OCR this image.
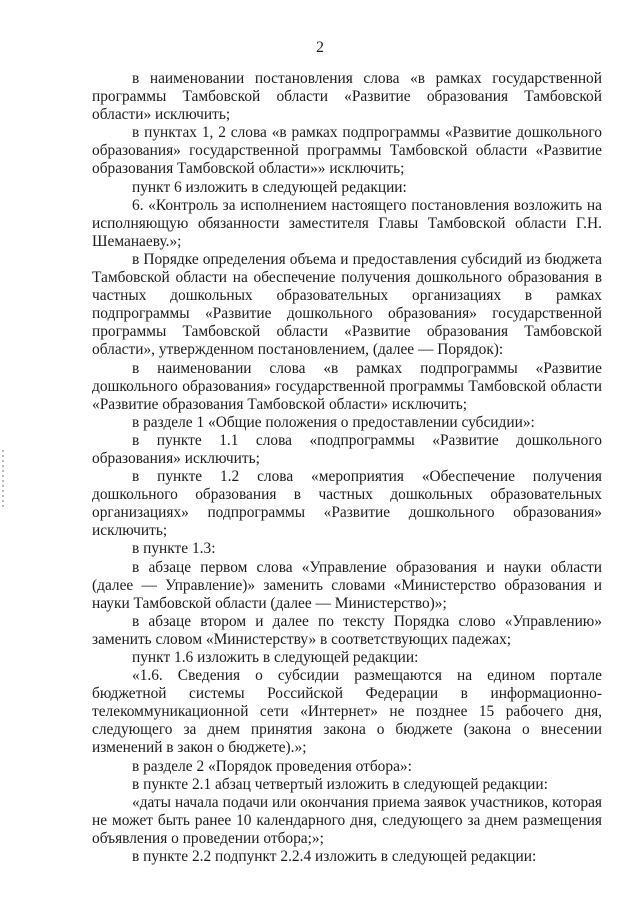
2

в наименовании постановления слова «в рамках государственной программы Тамбовской области «Развитие образования Тамбовской области» исключить;

в пунктах 1, 2 слова «в рамках подпрограммы «Развитие дошкольного образования» государственной программы Тамбовской области «Развитие образования Тамбовской области»» исключить;

пункт 6 изложить в следующей редакции:

6. «Контроль за исполнением настоящего постановления возложить на исполняющую обязанности заместителя Главы Тамбовской области Г.Н. Шеманаеву.»;

в Порядке определения объема и предоставления субсидий из бюджета Тамбовской области на обеспечение получения дошкольного образования в частных дошкольных образовательных организациях в рамках подпрограммы «Развитие дошкольного образования» государственной программы Тамбовской области «Развитие образования Тамбовской области», утвержденном постановлением, (далее — Порядок):

в наименовании слова «в рамках подпрограммы «Развитие дошкольного образования» государственной программы Тамбовской области «Развитие образования Тамбовской области» исключить;

в разделе 1 «Общие положения о предоставлении субсидии»:

в пункте 1.1 слова «подпрограммы «Развитие дошкольного образования» исключить;

в пункте 1.2 слова «мероприятия «Обеспечение получения дошкольного образования в частных дошкольных образовательных организациях» подпрограммы «Развитие дошкольного образования» исключить;

в пункте 1.3:

в абзаце первом слова «Управление образования и науки области (далее — Управление)» заменить словами «Министерство образования и науки Тамбовской области (далее — Министерство)»;

в абзаце втором и далее по тексту Порядка слово «Управлению» заменить словом «Министерству» в соответствующих падежах;

пункт 1.6 изложить в следующей редакции:

«1.6. Сведения о субсидии размещаются на едином портале бюджетной системы Российской Федерации в информационно-телекоммуникационной сети «Интернет» не позднее 15 рабочего дня, следующего за днем принятия закона о бюджете (закона о внесении изменений в закон о бюджете).»;

в разделе 2 «Порядок проведения отбора»:

в пункте 2.1 абзац четвертый изложить в следующей редакции:

«даты начала подачи или окончания приема заявок участников, которая не может быть ранее 10 календарного дня, следующего за днем размещения объявления о проведении отбора;»;

в пункте 2.2 подпункт 2.2.4 изложить в следующей редакции:
